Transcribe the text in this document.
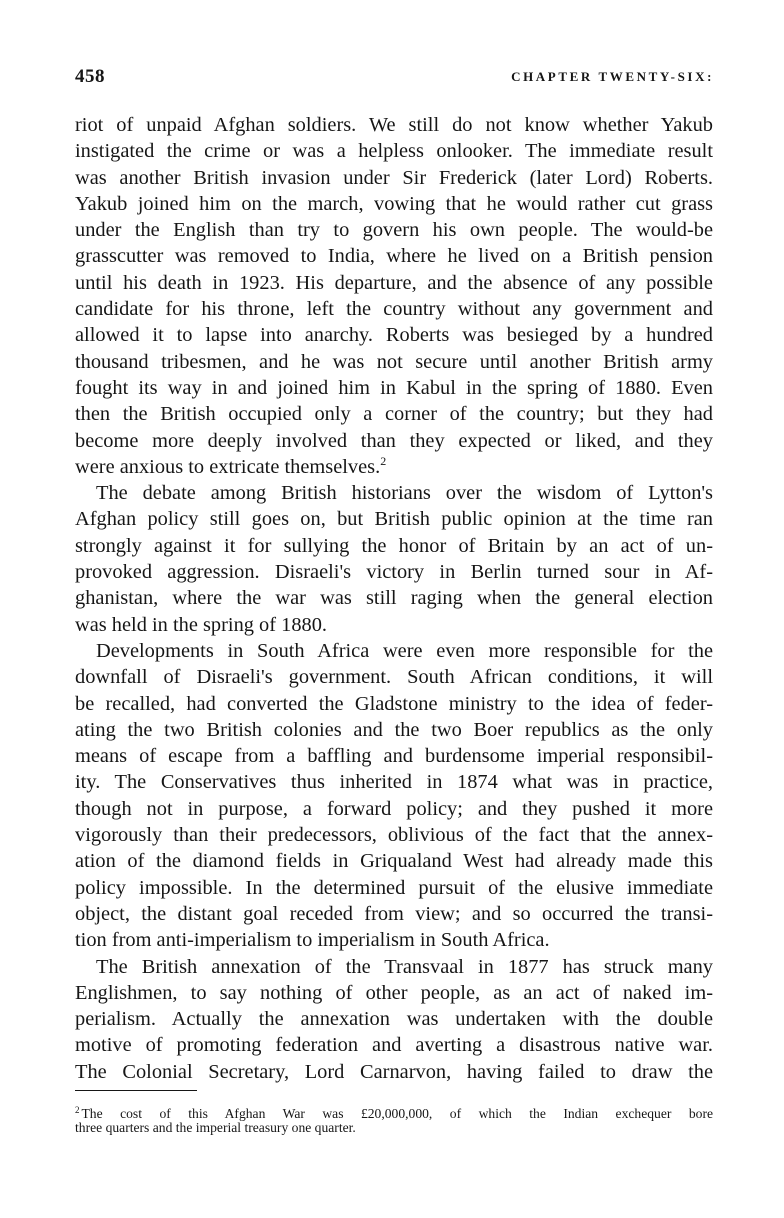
458	CHAPTER TWENTY-SIX:
riot of unpaid Afghan soldiers. We still do not know whether Yakub
instigated the crime or was a helpless onlooker. The immediate result
was another British invasion under Sir Frederick (later Lord) Roberts.
Yakub joined him on the march, vowing that he would rather cut grass
under the English than try to govern his own people. The would-be
grasscutter was removed to India, where he lived on a British pension
until his death in 1923. His departure, and the absence of any possible
candidate for his throne, left the country without any government and
allowed it to lapse into anarchy. Roberts was besieged by a hundred
thousand tribesmen, and he was not secure until another British army
fought its way in and joined him in Kabul in the spring of 1880. Even
then the British occupied only a corner of the country; but they had
become more deeply involved than they expected or liked, and they
were anxious to extricate themselves.$^2$
The debate among British historians over the wisdom of Lytton's
Afghan policy still goes on, but British public opinion at the time ran
strongly against it for sullying the honor of Britain by an act of un-
provoked aggression. Disraeli's victory in Berlin turned sour in Af-
ghanistan, where the war was still raging when the general election
was held in the spring of 1880.
Developments in South Africa were even more responsible for the
downfall of Disraeli's government. South African conditions, it will
be recalled, had converted the Gladstone ministry to the idea of feder-
ating the two British colonies and the two Boer republics as the only
means of escape from a baffling and burdensome imperial responsibil-
ity. The Conservatives thus inherited in 1874 what was in practice,
though not in purpose, a forward policy; and they pushed it more
vigorously than their predecessors, oblivious of the fact that the annex-
ation of the diamond fields in Griqualand West had already made this
policy impossible. In the determined pursuit of the elusive immediate
object, the distant goal receded from view; and so occurred the transi-
tion from anti-imperialism to imperialism in South Africa.
The British annexation of the Transvaal in 1877 has struck many
Englishmen, to say nothing of other people, as an act of naked im-
perialism. Actually the annexation was undertaken with the double
motive of promoting federation and averting a disastrous native war.
The Colonial Secretary, Lord Carnarvon, having failed to draw the
$^2$ The cost of this Afghan War was £20,000,000, of which the Indian exchequer bore
three quarters and the imperial treasury one quarter.
